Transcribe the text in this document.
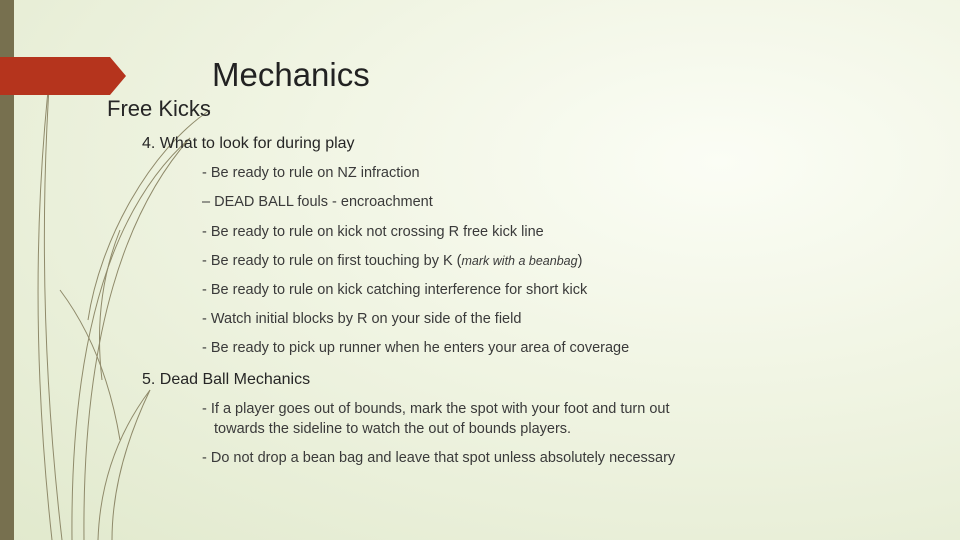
Mechanics
Free Kicks
4. What to look for during play
- Be ready to rule on NZ infraction
– DEAD BALL fouls - encroachment
- Be ready to rule on kick not crossing R free kick line
- Be ready to rule on first touching by K (mark with a beanbag)
- Be ready to rule on kick catching interference for short kick
- Watch initial blocks by R on your side of the field
- Be ready to pick up runner when he enters your area of coverage
5. Dead Ball Mechanics
- If a player goes out of bounds, mark the spot with your foot and turn out
towards the sideline to watch the out of bounds players.
- Do not drop a bean bag and leave that spot unless absolutely necessary
